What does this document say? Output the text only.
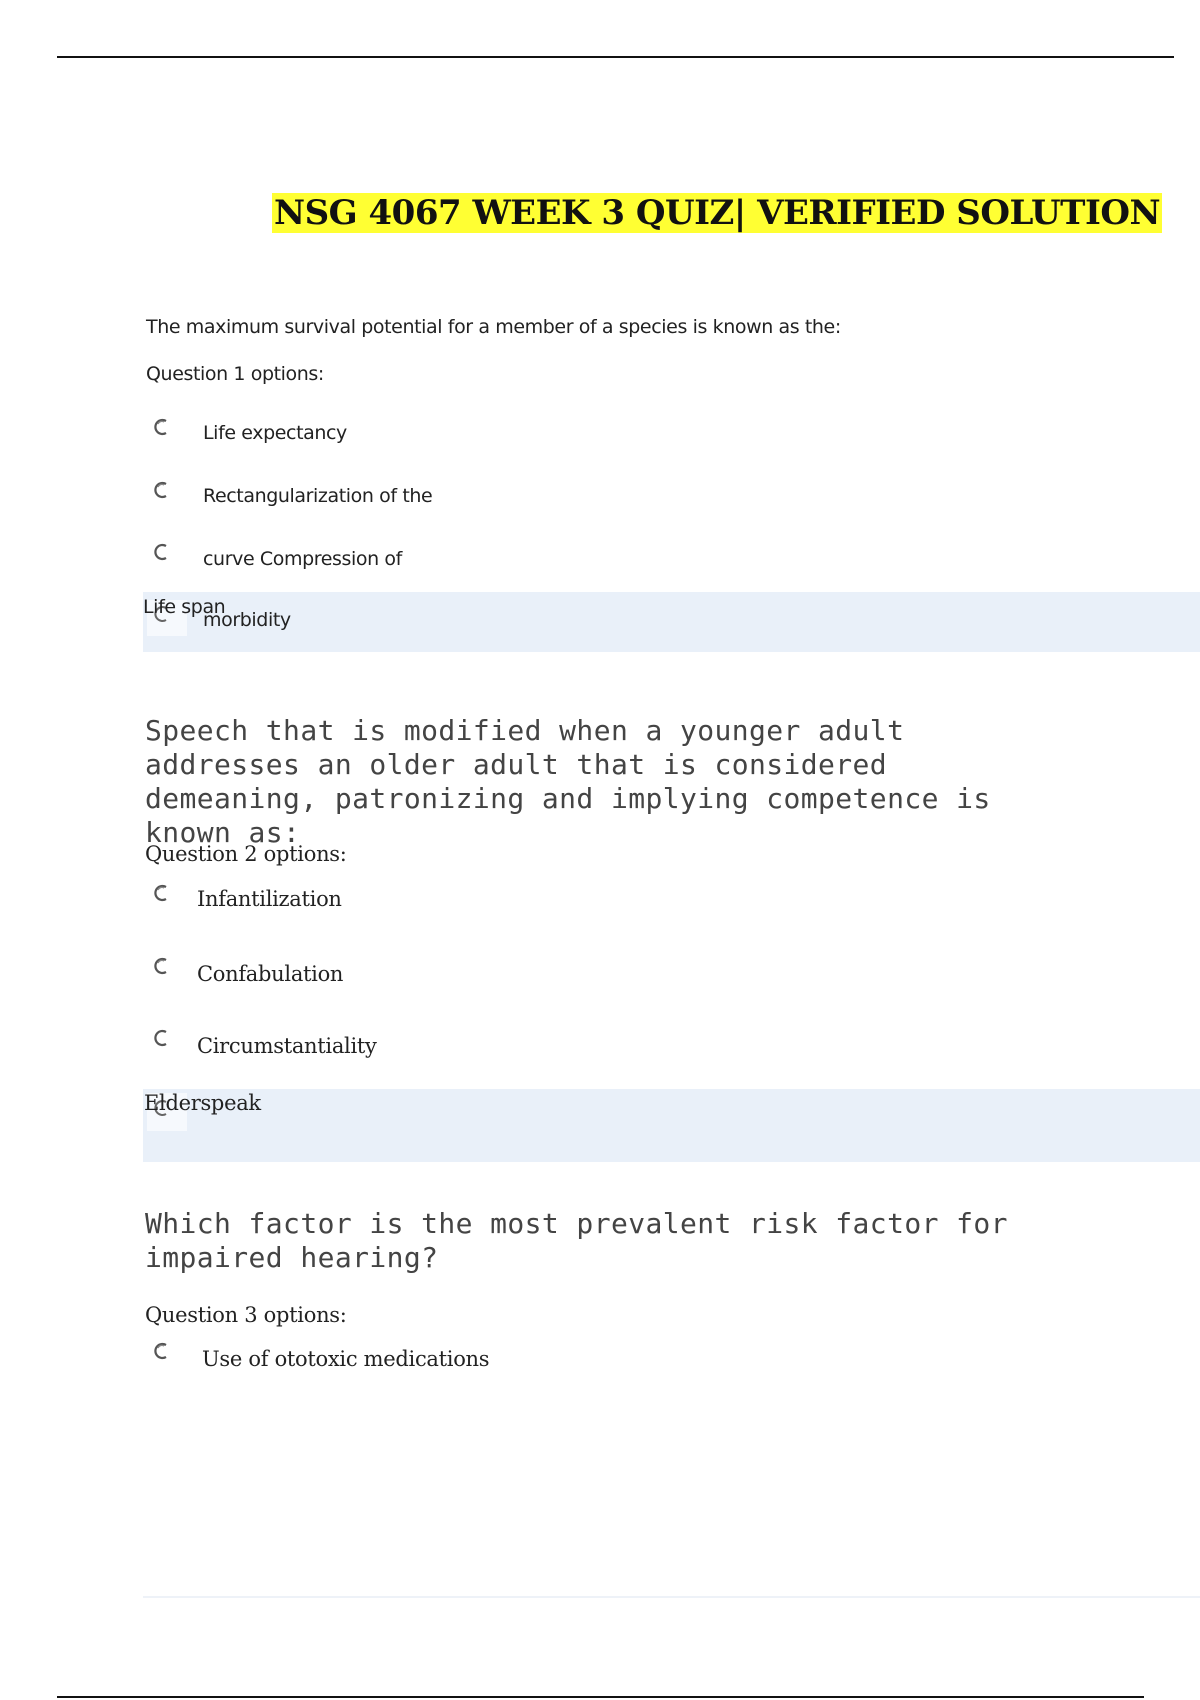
NSG 4067 WEEK 3 QUIZ| VERIFIED SOLUTION
The maximum survival potential for a member of a species is known as the:
Question 1 options:
Life expectancy
Rectangularization of the
curve Compression of
Life span
morbidity
Speech that is modified when a younger adult addresses an older adult that is considered demeaning, patronizing and implying competence is known as:
Question 2 options:
Infantilization
Confabulation
Circumstantiality
Elderspeak
Which factor is the most prevalent risk factor for impaired hearing?
Question 3 options:
Use of ototoxic medications
